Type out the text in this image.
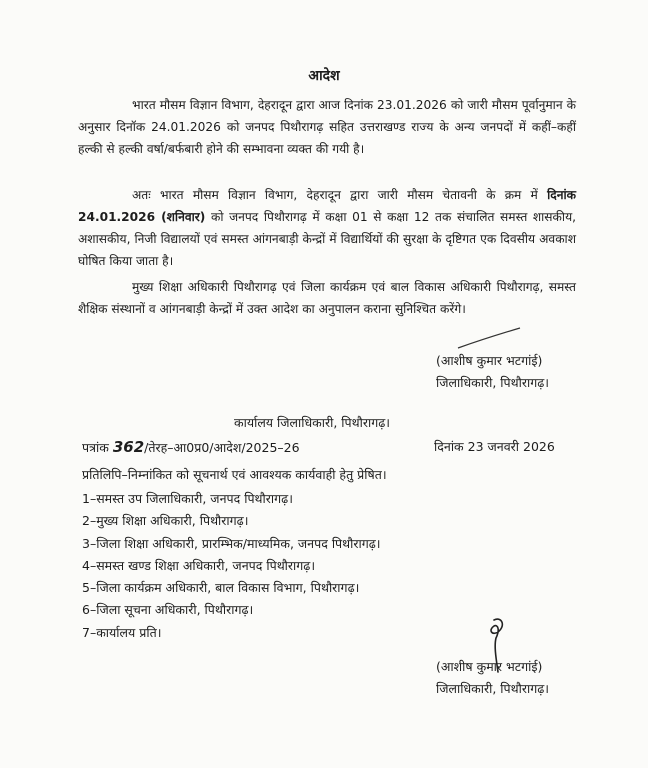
आदेश
भारत मौसम विज्ञान विभाग, देहरादून द्वारा आज दिनांक 23.01.2026 को जारी मौसम पूर्वानुमान के अनुसार दिनॉक 24.01.2026 को जनपद पिथौरागढ़ सहित उत्तराखण्ड राज्य के अन्य जनपदों में कहीं–कहीं हल्की से हल्की वर्षा/बर्फबारी होने की सम्भावना व्यक्त की गयी है।
अतः भारत मौसम विज्ञान विभाग, देहरादून द्वारा जारी मौसम चेतावनी के क्रम में दिनांक 24.01.2026 (शनिवार) को जनपद पिथौरागढ़ में कक्षा 01 से कक्षा 12 तक संचालित समस्त शासकीय, अशासकीय, निजी विद्यालयों एवं समस्त आंगनबाड़ी केन्द्रों में विद्यार्थियों की सुरक्षा के दृष्टिगत एक दिवसीय अवकाश घोषित किया जाता है।
मुख्य शिक्षा अधिकारी पिथौरागढ़ एवं जिला कार्यक्रम एवं बाल विकास अधिकारी पिथौरागढ़, समस्त शैक्षिक संस्थानों व आंगनबाड़ी केन्द्रों में उक्त आदेश का अनुपालन कराना सुनिश्चित करेंगे।
(आशीष कुमार भटगांई)
जिलाधिकारी, पिथौरागढ़।
कार्यालय जिलाधिकारी, पिथौरागढ़।
पत्रांक 362/तेरह–आ0प्र0/आदेश/2025–26	दिनांक 23 जनवरी 2026
प्रतिलिपि–निम्नांकित को सूचनार्थ एवं आवश्यक कार्यवाही हेतु प्रेषित।
1–समस्त उप जिलाधिकारी, जनपद पिथौरागढ़।
2–मुख्य शिक्षा अधिकारी, पिथौरागढ़।
3–जिला शिक्षा अधिकारी, प्रारम्भिक/माध्यमिक, जनपद पिथौरागढ़।
4–समस्त खण्ड शिक्षा अधिकारी, जनपद पिथौरागढ़।
5–जिला कार्यक्रम अधिकारी, बाल विकास विभाग, पिथौरागढ़।
6–जिला सूचना अधिकारी, पिथौरागढ़।
7–कार्यालय प्रति।
(आशीष कुमार भटगांई)
जिलाधिकारी, पिथौरागढ़।
